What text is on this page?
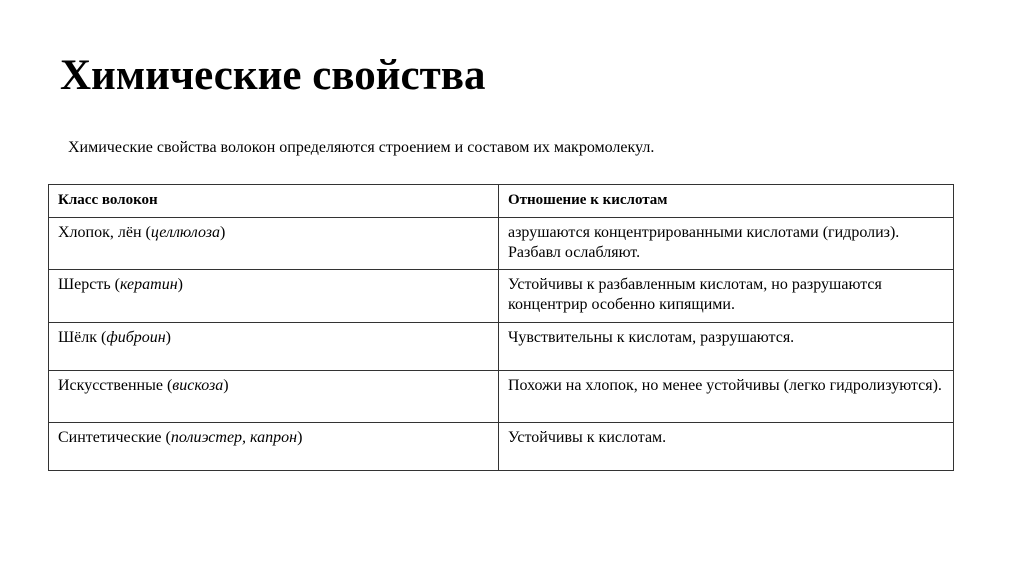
Химические свойства
Химические свойства волокон определяются строением и составом их макромолекул.
Класс волокон	Отношение к кислотам
Хлопок, лён (целлюлоза)	азрушаются концентрированными кислотами (гидролиз). Разбавл ослабляют.
Шерсть (кератин)	Устойчивы к разбавленным кислотам, но разрушаются концентрир особенно кипящими.
Шёлк (фиброин)	Чувствительны к кислотам, разрушаются.
Искусственные (вискоза)	Похожи на хлопок, но менее устойчивы (легко гидролизуются).
Синтетические (полиэстер, капрон)	Устойчивы к кислотам.
